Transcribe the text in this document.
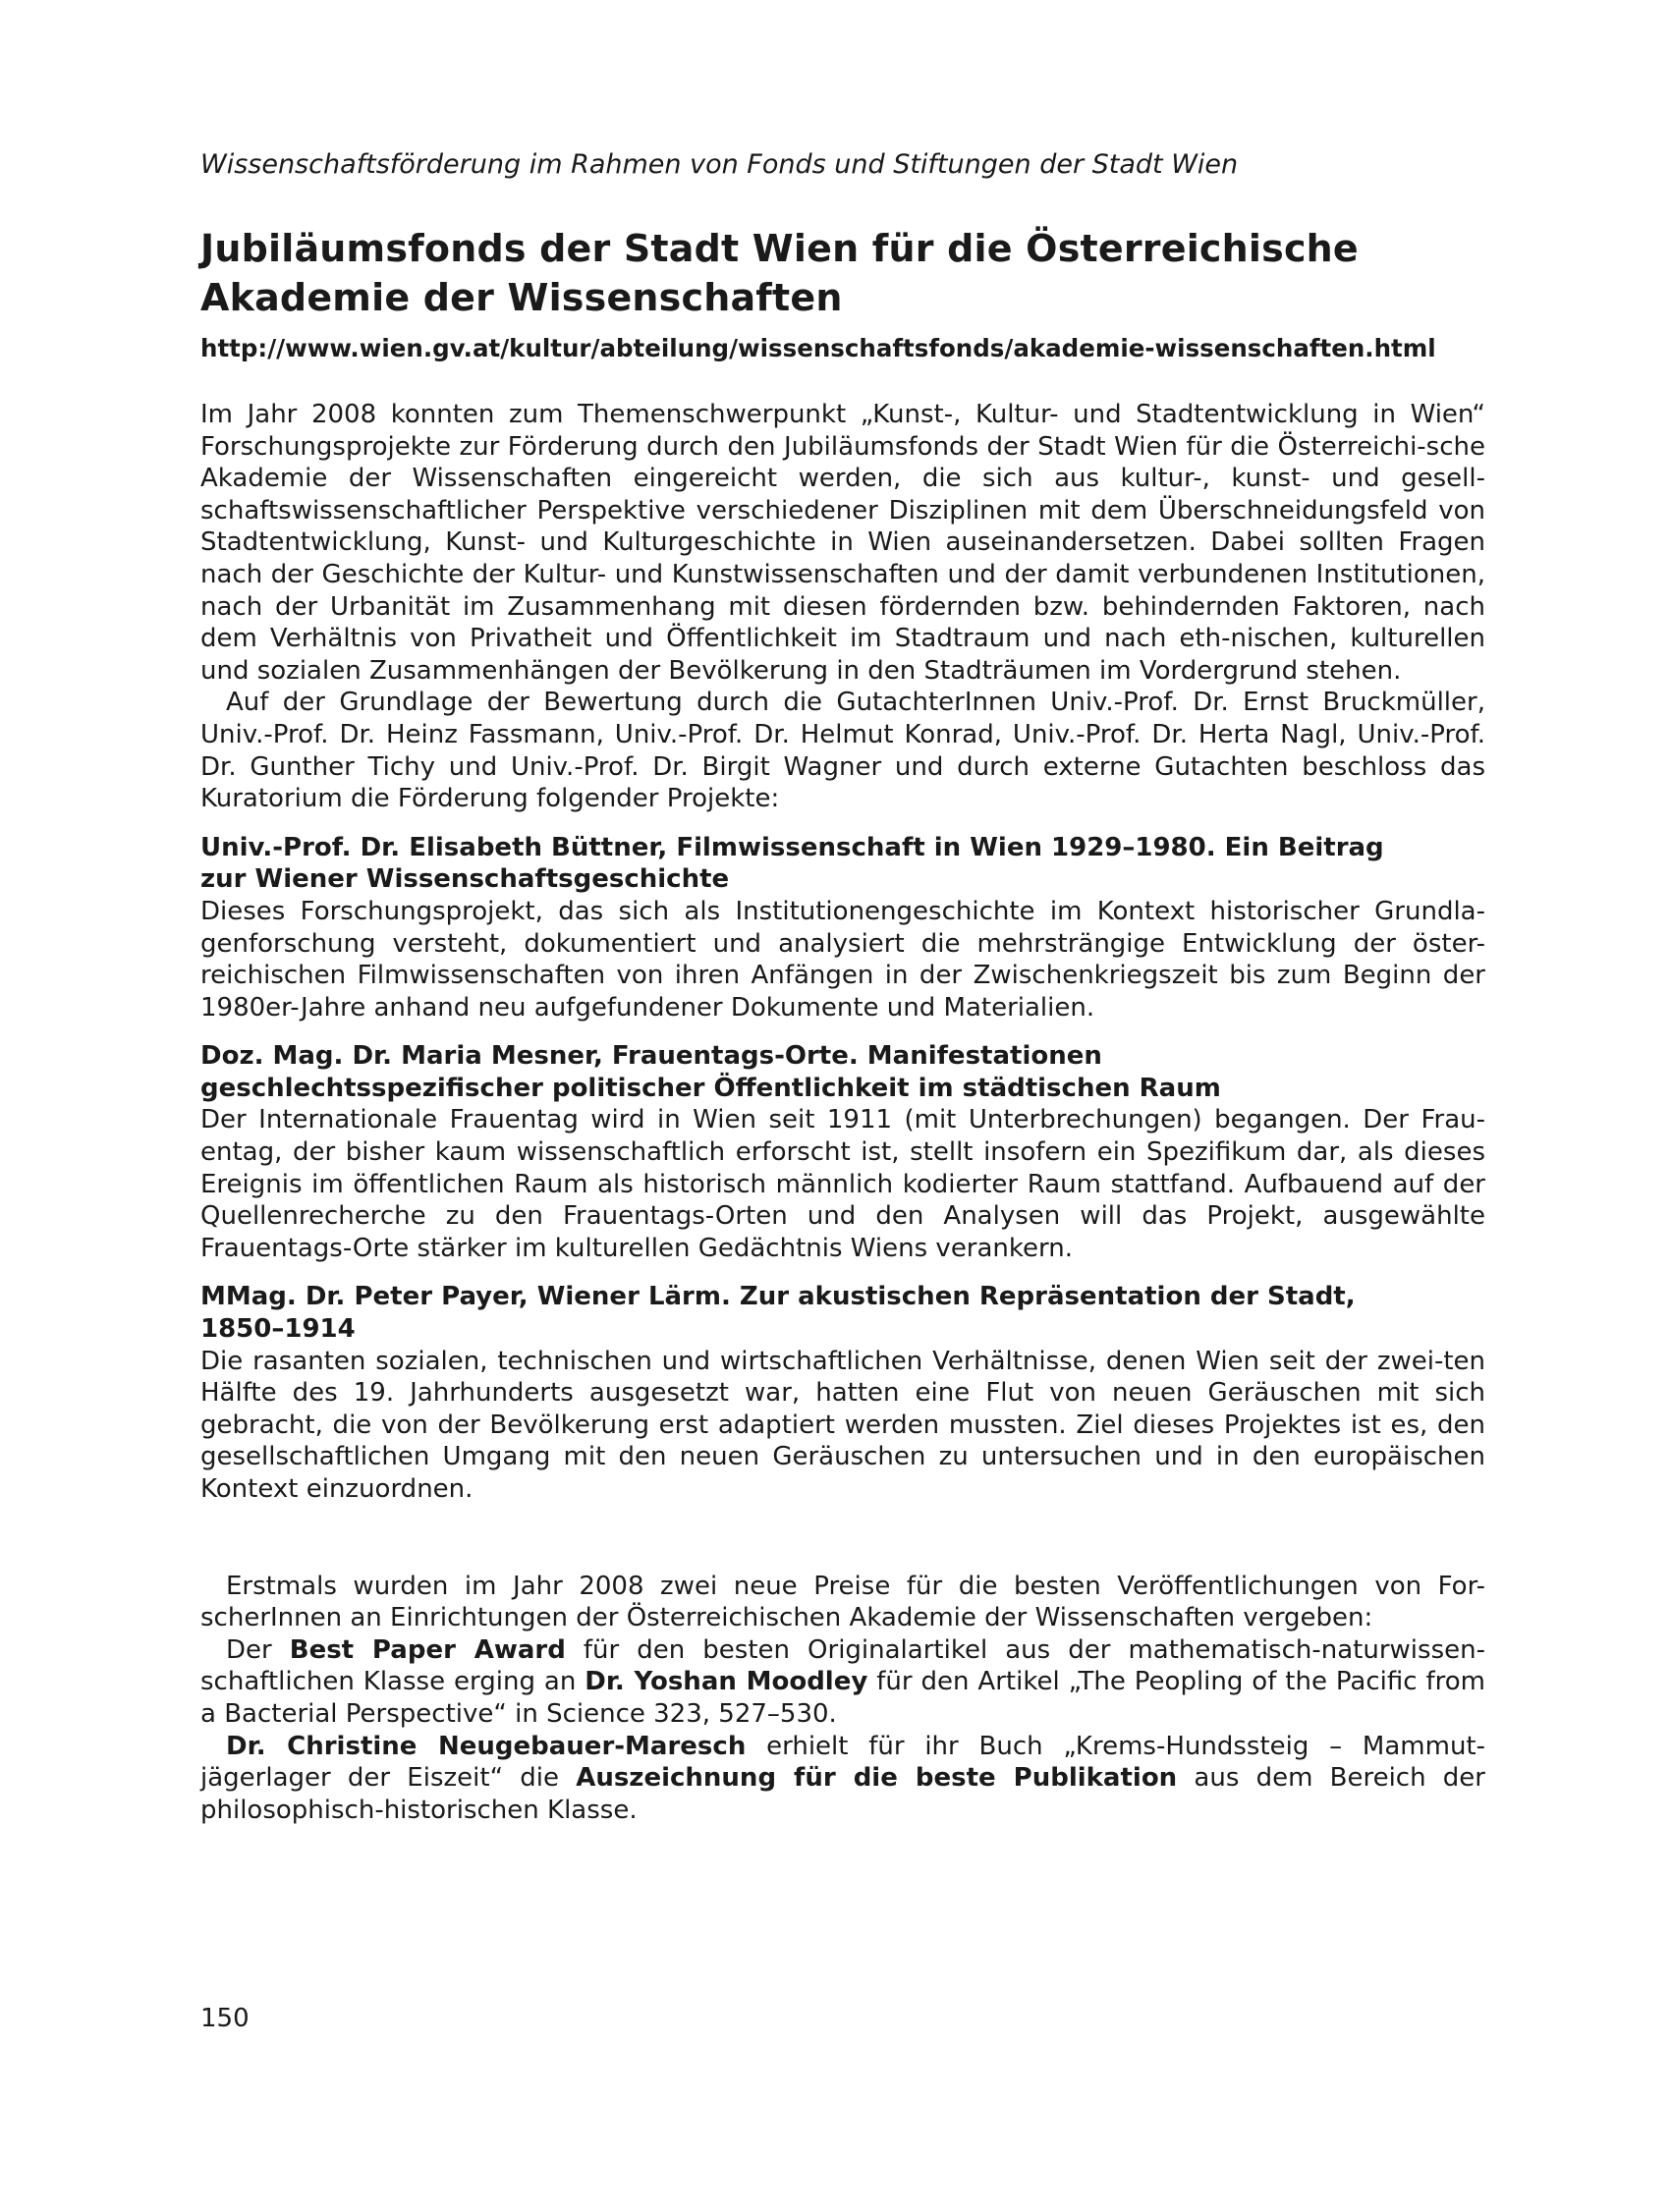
Wissenschaftsförderung im Rahmen von Fonds und Stiftungen der Stadt Wien
Jubiläumsfonds der Stadt Wien für die Österreichische
Akademie der Wissenschaften
http://www.wien.gv.at/kultur/abteilung/wissenschaftsfonds/akademie-wissenschaften.html

Im Jahr 2008 konnten zum Themenschwerpunkt „Kunst-, Kultur- und Stadtentwicklung in Wien“ Forschungsprojekte zur Förderung durch den Jubiläumsfonds der Stadt Wien für die Österreichi-sche Akademie der Wissenschaften eingereicht werden, die sich aus kultur-, kunst- und gesell-schaftswissenschaftlicher Perspektive verschiedener Disziplinen mit dem Überschneidungsfeld von Stadtentwicklung, Kunst- und Kulturgeschichte in Wien auseinandersetzen. Dabei sollten Fragen nach der Geschichte der Kultur- und Kunstwissenschaften und der damit verbundenen Institutionen, nach der Urbanität im Zusammenhang mit diesen fördernden bzw. behindernden Faktoren, nach dem Verhältnis von Privatheit und Öffentlichkeit im Stadtraum und nach eth-nischen, kulturellen und sozialen Zusammenhängen der Bevölkerung in den Stadträumen im Vordergrund stehen.

Auf der Grundlage der Bewertung durch die GutachterInnen Univ.-Prof. Dr. Ernst Bruckmüller, Univ.-Prof. Dr. Heinz Fassmann, Univ.-Prof. Dr. Helmut Konrad, Univ.-Prof. Dr. Herta Nagl, Univ.-Prof. Dr. Gunther Tichy und Univ.-Prof. Dr. Birgit Wagner und durch externe Gutachten beschloss das Kuratorium die Förderung folgender Projekte:

Univ.-Prof. Dr. Elisabeth Büttner, Filmwissenschaft in Wien 1929–1980. Ein Beitrag
zur Wiener Wissenschaftsgeschichte

Dieses Forschungsprojekt, das sich als Institutionengeschichte im Kontext historischer Grundla-genforschung versteht, dokumentiert und analysiert die mehrsträngige Entwicklung der öster-reichischen Filmwissenschaften von ihren Anfängen in der Zwischenkriegszeit bis zum Beginn der 1980er-Jahre anhand neu aufgefundener Dokumente und Materialien.

Doz. Mag. Dr. Maria Mesner, Frauentags-Orte. Manifestationen
geschlechtsspezifischer politischer Öffentlichkeit im städtischen Raum

Der Internationale Frauentag wird in Wien seit 1911 (mit Unterbrechungen) begangen. Der Frau-entag, der bisher kaum wissenschaftlich erforscht ist, stellt insofern ein Spezifikum dar, als dieses Ereignis im öffentlichen Raum als historisch männlich kodierter Raum stattfand. Aufbauend auf der Quellenrecherche zu den Frauentags-Orten und den Analysen will das Projekt, ausgewählte Frauentags-Orte stärker im kulturellen Gedächtnis Wiens verankern.

MMag. Dr. Peter Payer, Wiener Lärm. Zur akustischen Repräsentation der Stadt,
1850–1914

Die rasanten sozialen, technischen und wirtschaftlichen Verhältnisse, denen Wien seit der zwei-ten Hälfte des 19. Jahrhunderts ausgesetzt war, hatten eine Flut von neuen Geräuschen mit sich gebracht, die von der Bevölkerung erst adaptiert werden mussten. Ziel dieses Projektes ist es, den gesellschaftlichen Umgang mit den neuen Geräuschen zu untersuchen und in den europäischen Kontext einzuordnen.

Erstmals wurden im Jahr 2008 zwei neue Preise für die besten Veröffentlichungen von For-scherInnen an Einrichtungen der Österreichischen Akademie der Wissenschaften vergeben:

Der Best Paper Award für den besten Originalartikel aus der mathematisch-naturwissen-schaftlichen Klasse erging an Dr. Yoshan Moodley für den Artikel „The Peopling of the Pacific from a Bacterial Perspective“ in Science 323, 527–530.

Dr. Christine Neugebauer-Maresch erhielt für ihr Buch „Krems-Hundssteig – Mammut-jägerlager der Eiszeit“ die Auszeichnung für die beste Publikation aus dem Bereich der philosophisch-historischen Klasse.

150
